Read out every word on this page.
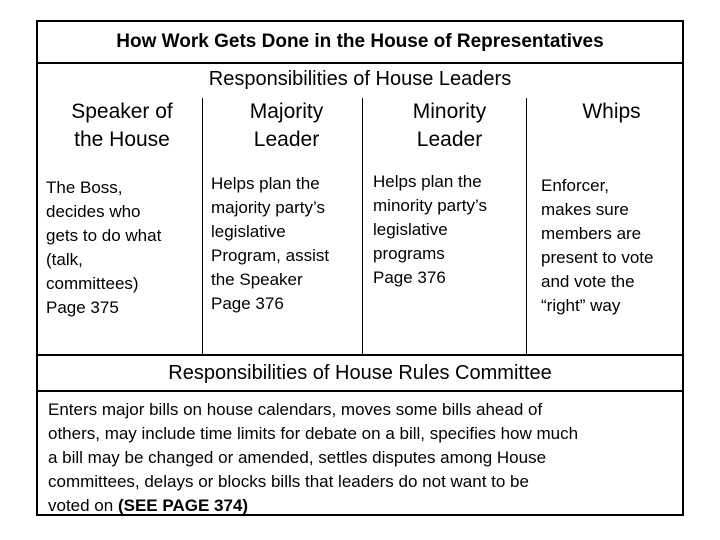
How Work Gets Done in the House of Representatives
Responsibilities of House Leaders
Speaker of
the House
The Boss,
decides who
gets to do what
(talk,
committees)
Page 375
Majority
Leader
Helps plan the
majority party’s
legislative
Program, assist
the Speaker
Page 376
Minority
Leader
Helps plan the
minority party’s
legislative
programs
Page 376
Whips
Enforcer,
makes sure
members are
present to vote
and vote the
“right” way
Responsibilities of House Rules Committee
Enters major bills on house calendars, moves some bills ahead of
others, may include time limits for debate on a bill, specifies how much
a bill may be changed or amended, settles disputes among House
committees, delays or blocks bills that leaders do not want to be
voted on (SEE PAGE 374)
